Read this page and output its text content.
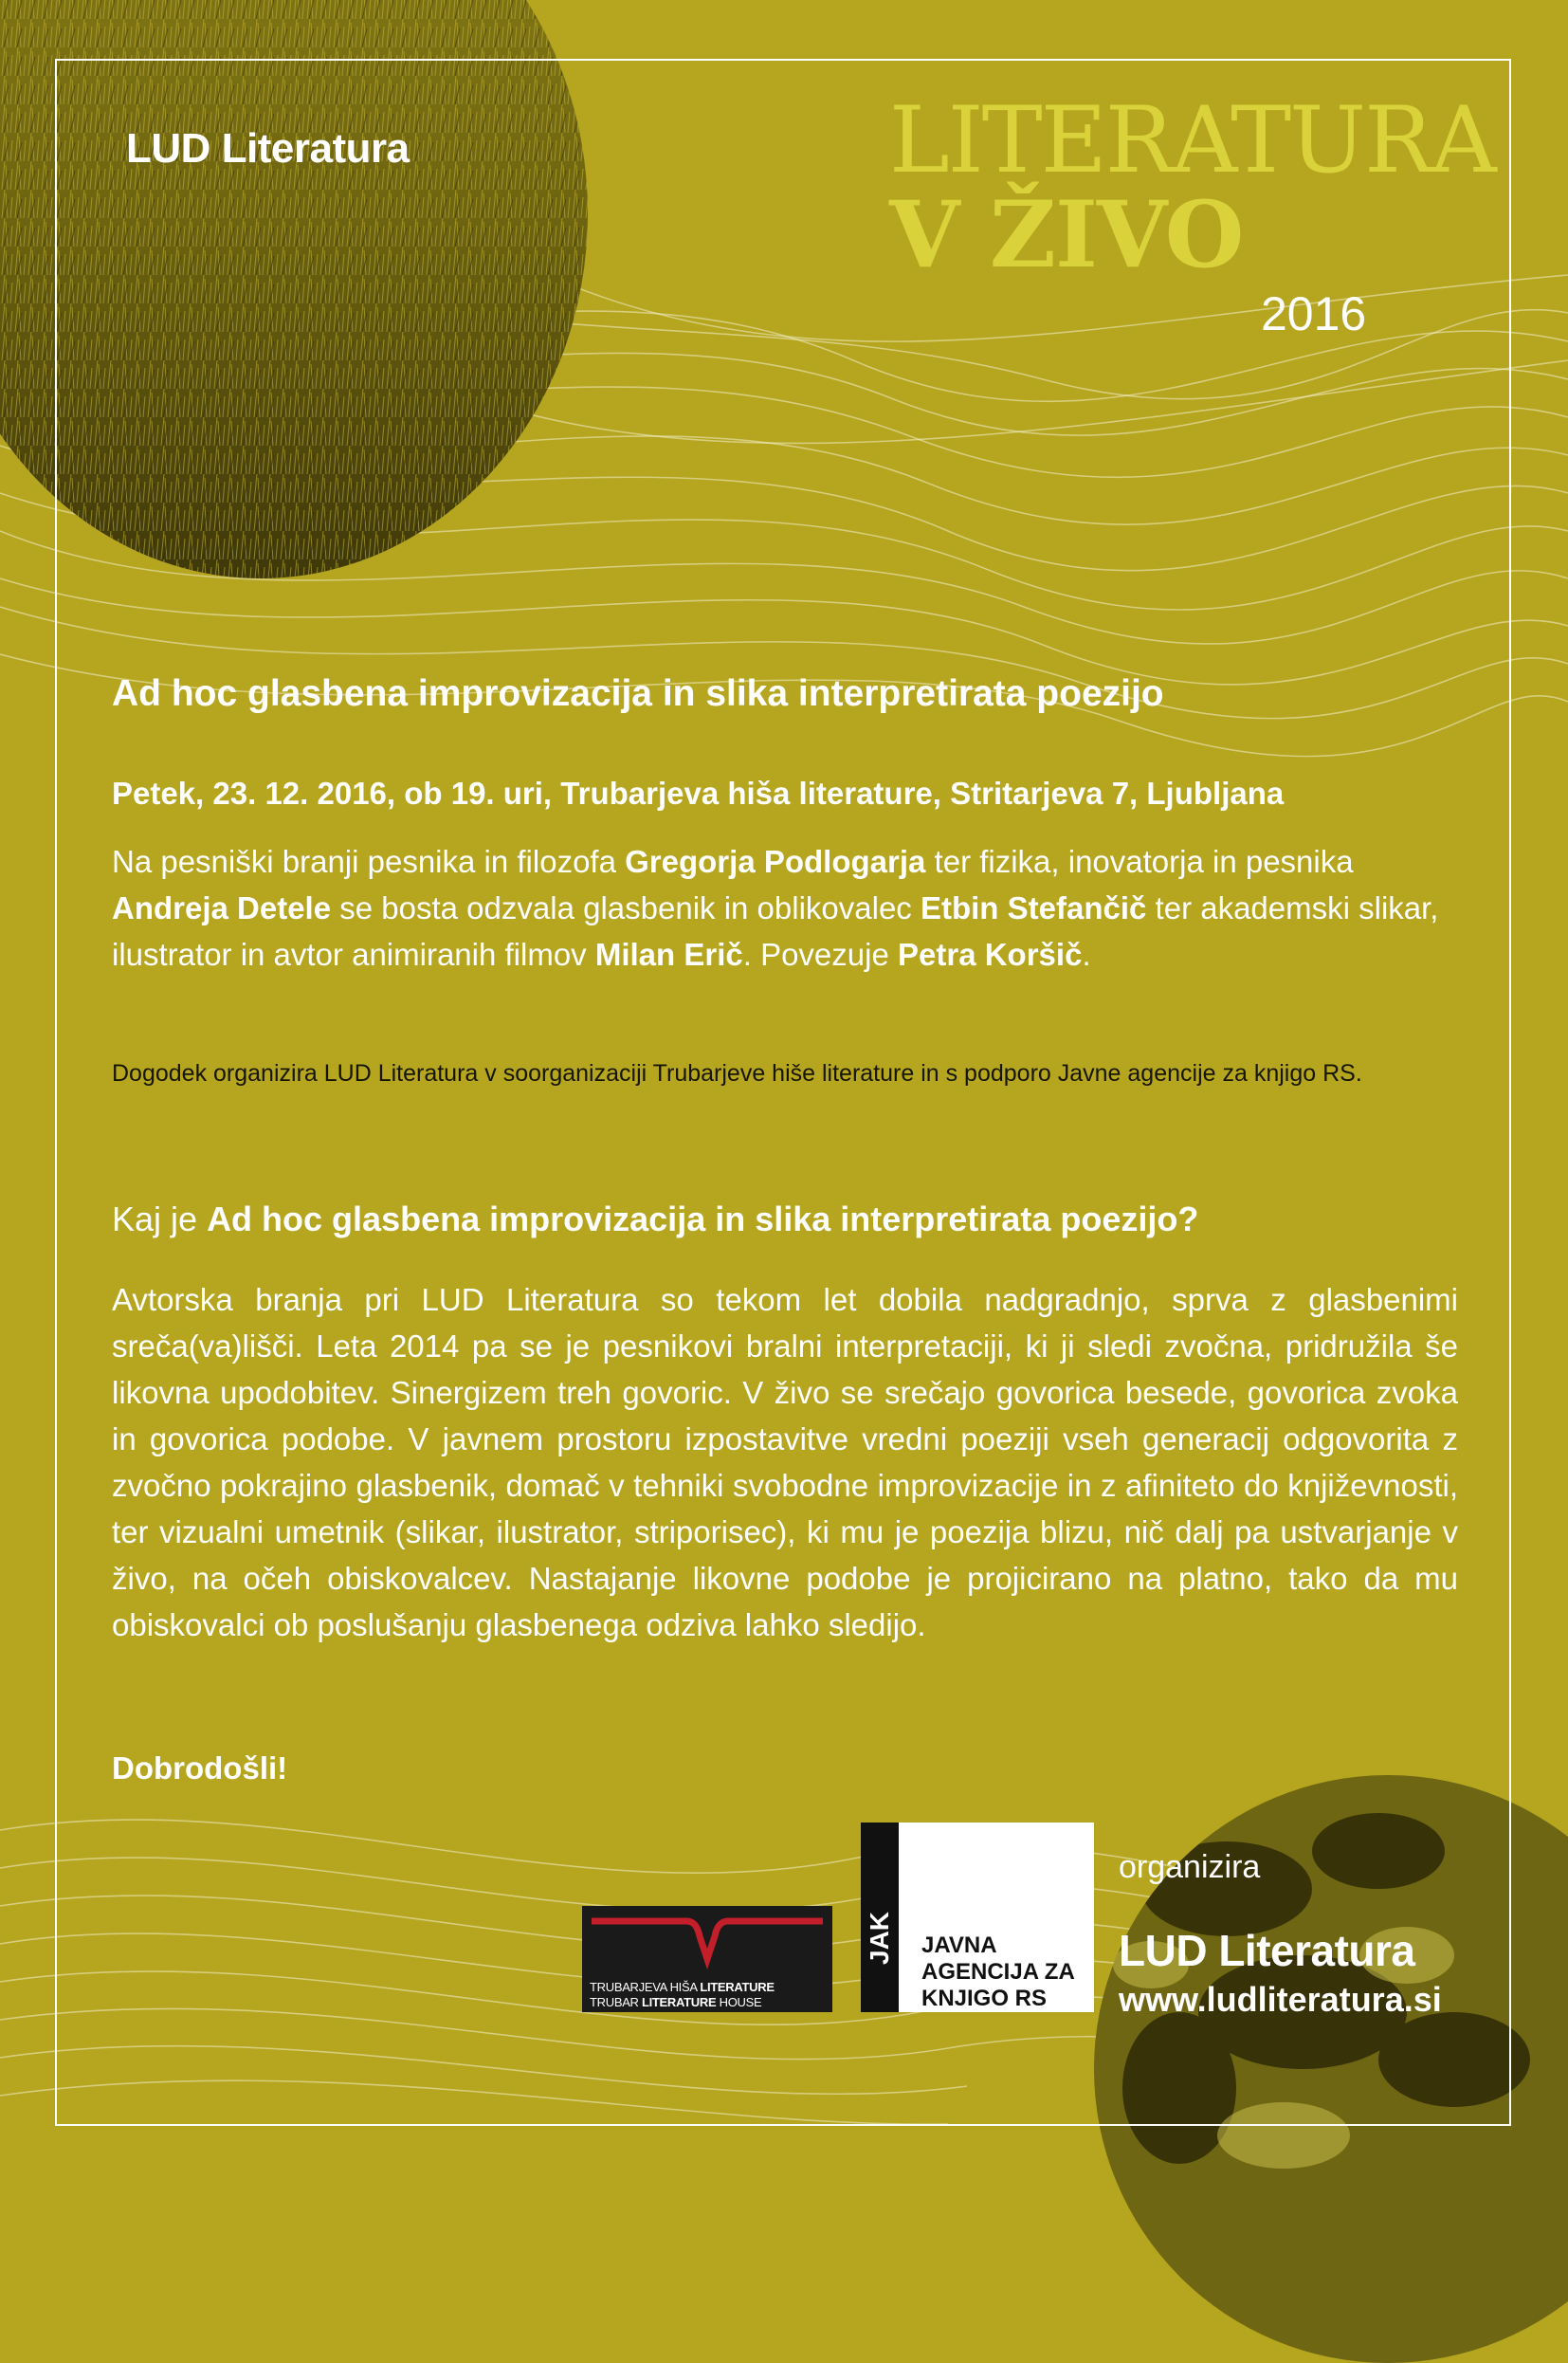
LUD Literatura	LITERATURA
V ŽIVO
2016
Ad hoc glasbena improvizacija in slika interpretirata poezijo
Petek, 23. 12. 2016, ob 19. uri, Trubarjeva hiša literature, Stritarjeva 7, Ljubljana
Na pesniški branji pesnika in filozofa Gregorja Podlogarja ter fizika, inovatorja in pesnika Andreja Detele se bosta odzvala glasbenik in oblikovalec Etbin Stefančič ter akademski slikar, ilustrator in avtor animiranih filmov Milan Erič. Povezuje Petra Koršič.
Dogodek organizira LUD Literatura v soorganizaciji Trubarjeve hiše literature in s podporo Javne agencije za knjigo RS.
Kaj je Ad hoc glasbena improvizacija in slika interpretirata poezijo?
Avtorska branja pri LUD Literatura so tekom let dobila nadgradnjo, sprva z glasbenimi sreča(va)lišči. Leta 2014 pa se je pesnikovi bralni interpretaciji, ki ji sledi zvočna, pridružila še likovna upodobitev. Sinergizem treh govoric. V živo se srečajo govorica besede, govorica zvoka in govorica podobe. V javnem prostoru izpostavitve vredni poeziji vseh generacij odgovorita z zvočno pokrajino glasbenik, domač v tehniki svobodne improvizacije in z afiniteto do književnosti, ter vizualni umetnik (slikar, ilustrator, striporisec), ki mu je poezija blizu, nič dalj pa ustvarjanje v živo, na očeh obiskovalcev. Nastajanje likovne podobe je projicirano na platno, tako da mu obiskovalci ob poslušanju glasbenega odziva lahko sledijo.
Dobrodošli!
TRUBARJEVA HIŠA LITERATURE
TRUBAR LITERATURE HOUSE
JAK JAVNA
AGENCIJA ZA
KNJIGO RS
organizira
LUD Literatura
www.ludliteratura.si
